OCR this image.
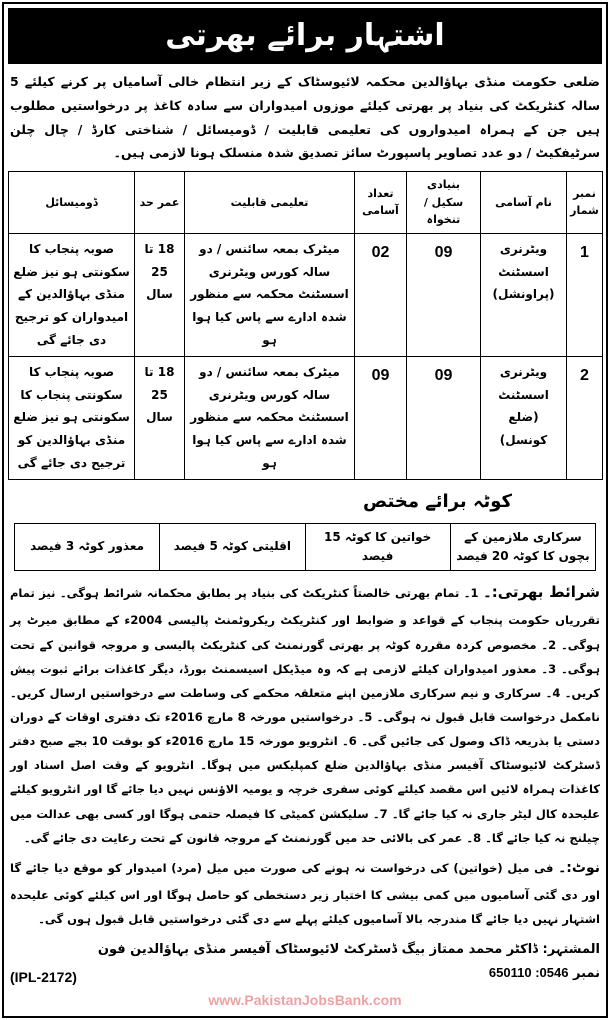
اشتہار برائے بھرتی
ضلعی حکومت منڈی بہاؤالدین محکمہ لائیوسٹاک کے زیر انتظام خالی آسامیاں پر کرنے کیلئے 5 سالہ کنٹریکٹ کی بنیاد پر بھرتی کیلئے موزوں امیدواران سے سادہ کاغذ پر درخواستیں مطلوب ہیں جن کے ہمراہ امیدواروں کی تعلیمی قابلیت / ڈومیسائل / شناختی کارڈ / چال چلن سرٹیفکیٹ / دو عدد تصاویر پاسپورٹ سائز تصدیق شدہ منسلک ہونا لازمی ہیں۔
نمبر شمار	نام آسامی	بنیادی سکیل / تنخواہ	تعداد آسامی	تعلیمی قابلیت	عمر حد	ڈومیسائل
1	ویٹرنری اسسٹنٹ (پراونشل)	09	02	میٹرک بمعہ سائنس / دو سالہ کورس ویٹرنری اسسٹنٹ محکمہ سے منظور شدہ ادارے سے پاس کیا ہوا ہو	18 تا 25 سال	صوبہ پنجاب کا سکونتی ہو نیز ضلع منڈی بہاؤالدین کے امیدواران کو ترجیح دی جائے گی
2	ویٹرنری اسسٹنٹ (ضلع کونسل)	09	09	میٹرک بمعہ سائنس / دو سالہ کورس ویٹرنری اسسٹنٹ محکمہ سے منظور شدہ ادارے سے پاس کیا ہوا ہو	18 تا 25 سال	صوبہ پنجاب کا سکونتی پنجاب کا سکونتی ہو نیز ضلع منڈی بہاؤالدین کو ترجیح دی جائے گی
کوٹہ برائے مختص
سرکاری ملازمین کے بچوں کا کوٹہ 20 فیصد	خواتین کا کوٹہ 15 فیصد	اقلیتی کوٹہ 5 فیصد	معذور کوٹہ 3 فیصد
شرائط بھرتی:۔ 1۔ تمام بھرتی خالصتاً کنٹریکٹ کی بنیاد پر بطابق محکمانہ شرائط ہوگی۔ نیز تمام تقرریاں حکومت پنجاب کے قواعد و ضوابط اور کنٹریکٹ ریکروٹمنٹ پالیسی 2004ء کے مطابق میرٹ پر ہوگی۔ 2۔ مخصوص کردہ مقررہ کوٹہ پر بھرتی گورنمنٹ کی کنٹریکٹ پالیسی و مروجہ قوانین کے تحت ہوگی۔ 3۔ معذور امیدواران کیلئے لازمی ہے کہ وہ میڈیکل اسیسمنٹ بورڈ، دیگر کاغذات برائے ثبوت پیش کریں۔ 4۔ سرکاری و نیم سرکاری ملازمین اپنے متعلقہ محکمے کی وساطت سے درخواستیں ارسال کریں۔ نامکمل درخواست قابل قبول نہ ہوگی۔ 5۔ درخواستیں مورخہ 8 مارچ 2016ء تک دفتری اوقات کے دوران دستی یا بذریعہ ڈاک وصول کی جائیں گی۔ 6۔ انٹرویو مورخہ 15 مارچ 2016ء کو بوقت 10 بجے صبح دفتر ڈسٹرکٹ لائیوسٹاک آفیسر منڈی بہاؤالدین ضلع کمپلیکس میں ہوگا۔ انٹرویو کے وقت اصل اسناد اور کاغذات ہمراہ لائیں اس مقصد کیلئے کوئی سفری خرچہ و یومیہ الاؤنس نہیں دیا جائے گا اور انٹرویو کیلئے علیحدہ کال لیٹر جاری نہ کیا جائے گا۔ 7۔ سلیکشن کمیٹی کا فیصلہ حتمی ہوگا اور کسی بھی عدالت میں چیلنج نہ کیا جائے گا۔ 8۔ عمر کی بالائی حد میں گورنمنٹ کے مروجہ قانون کے تحت رعایت دی جائے گی۔
نوٹ:۔ فی میل (خواتین) کی درخواست نہ ہونے کی صورت میں میل (مرد) امیدوار کو موقع دیا جائے گا اور دی گئی آسامیوں میں کمی بیشی کا اختیار زیر دستخطی کو حاصل ہوگا اور اس کیلئے کوئی علیحدہ اشتہار نہیں دیا جائے گا مندرجہ بالا آسامیوں کیلئے پہلے سے دی گئی درخواستیں قابل قبول ہوں گی۔
المشتہر: ڈاکٹر محمد ممتاز بیگ ڈسٹرکٹ لائیوسٹاک آفیسر منڈی بہاؤالدین فون نمبر 0546: 650110
(IPL-2172)
www.PakistanJobsBank.com
